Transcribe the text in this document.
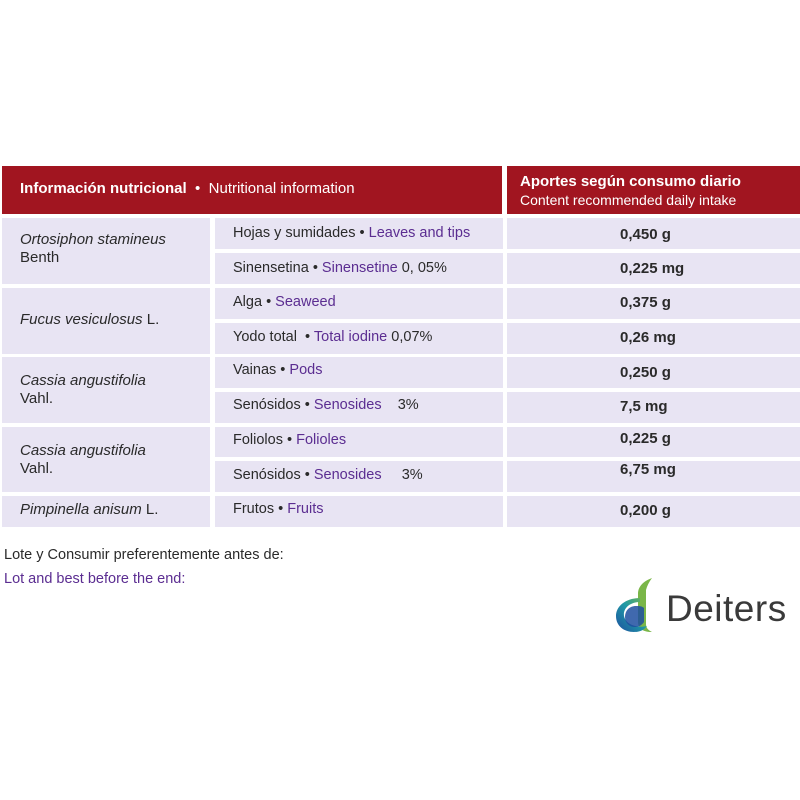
Información nutricional • Nutritional information	Aportes según consumo diario
Content recommended daily intake
Ortosiphon stamineus
Benth
Hojas y sumidades • Leaves and tips	0,450 g
Sinensetina • Sinensetine 0, 05%	0,225 mg
Fucus vesiculosus L.
Alga • Seaweed	0,375 g
Yodo total • Total iodine 0,07%	0,26 mg
Cassia angustifolia
Vahl.
Vainas • Pods	0,250 g
Senósidos • Senosides 3%	7,5 mg
Cassia angustifolia
Vahl.
Foliolos • Folioles	0,225 g
Senósidos • Senosides 3%	6,75 mg
Pimpinella anisum L.	Frutos • Fruits	0,200 g
Lote y Consumir preferentemente antes de:
Lot and best before the end:
Deiters
